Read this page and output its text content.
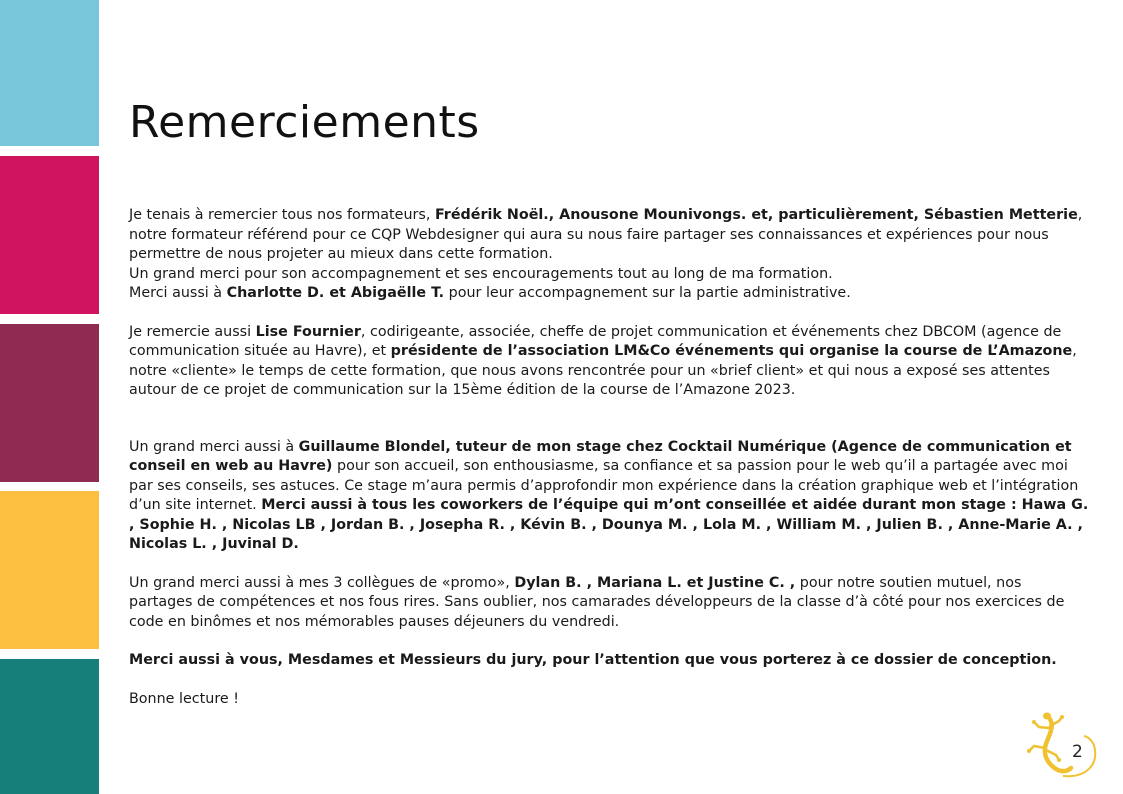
Remerciements

Je tenais à remercier tous nos formateurs, Frédérik Noël., Anousone Mounivongs. et, particulièrement, Sébastien Metterie, notre formateur référend pour ce CQP Webdesigner qui aura su nous faire partager ses connaissances et expériences pour nous permettre de nous projeter au mieux dans cette formation.

Un grand merci pour son accompagnement et ses encouragements tout au long de ma formation.

Merci aussi à Charlotte D. et Abigaëlle T. pour leur accompagnement sur la partie administrative.

Je remercie aussi Lise Fournier, codirigeante, associée, cheffe de projet communication et événements chez DBCOM (agence de communication située au Havre), et présidente de l’association LM&Co événements qui organise la course de L’Amazone, notre «cliente» le temps de cette formation, que nous avons rencontrée pour un «brief client» et qui nous a exposé ses attentes autour de ce projet de communication sur la 15ème édition de la course de l’Amazone 2023.

Un grand merci aussi à Guillaume Blondel, tuteur de mon stage chez Cocktail Numérique (Agence de communication et conseil en web au Havre) pour son accueil, son enthousiasme, sa confiance et sa passion pour le web qu’il a partagée avec moi par ses conseils, ses astuces. Ce stage m’aura permis d’approfondir mon expérience dans la création graphique web et l’intégration d’un site internet. Merci aussi à tous les coworkers de l’équipe qui m’ont conseillée et aidée durant mon stage : Hawa G. , Sophie H. , Nicolas LB , Jordan B. , Josepha R. , Kévin B. , Dounya M. , Lola M. , William M. , Julien B. , Anne-Marie A. , Nicolas L. , Juvinal D.

Un grand merci aussi à mes 3 collègues de «promo», Dylan B. , Mariana L. et Justine C. , pour notre soutien mutuel, nos partages de compétences et nos fous rires. Sans oublier, nos camarades développeurs de la classe d’à côté pour nos exercices de code en binômes et nos mémorables pauses déjeuners du vendredi.

Merci aussi à vous, Mesdames et Messieurs du jury, pour l’attention que vous porterez à ce dossier de conception.

Bonne lecture !

2
